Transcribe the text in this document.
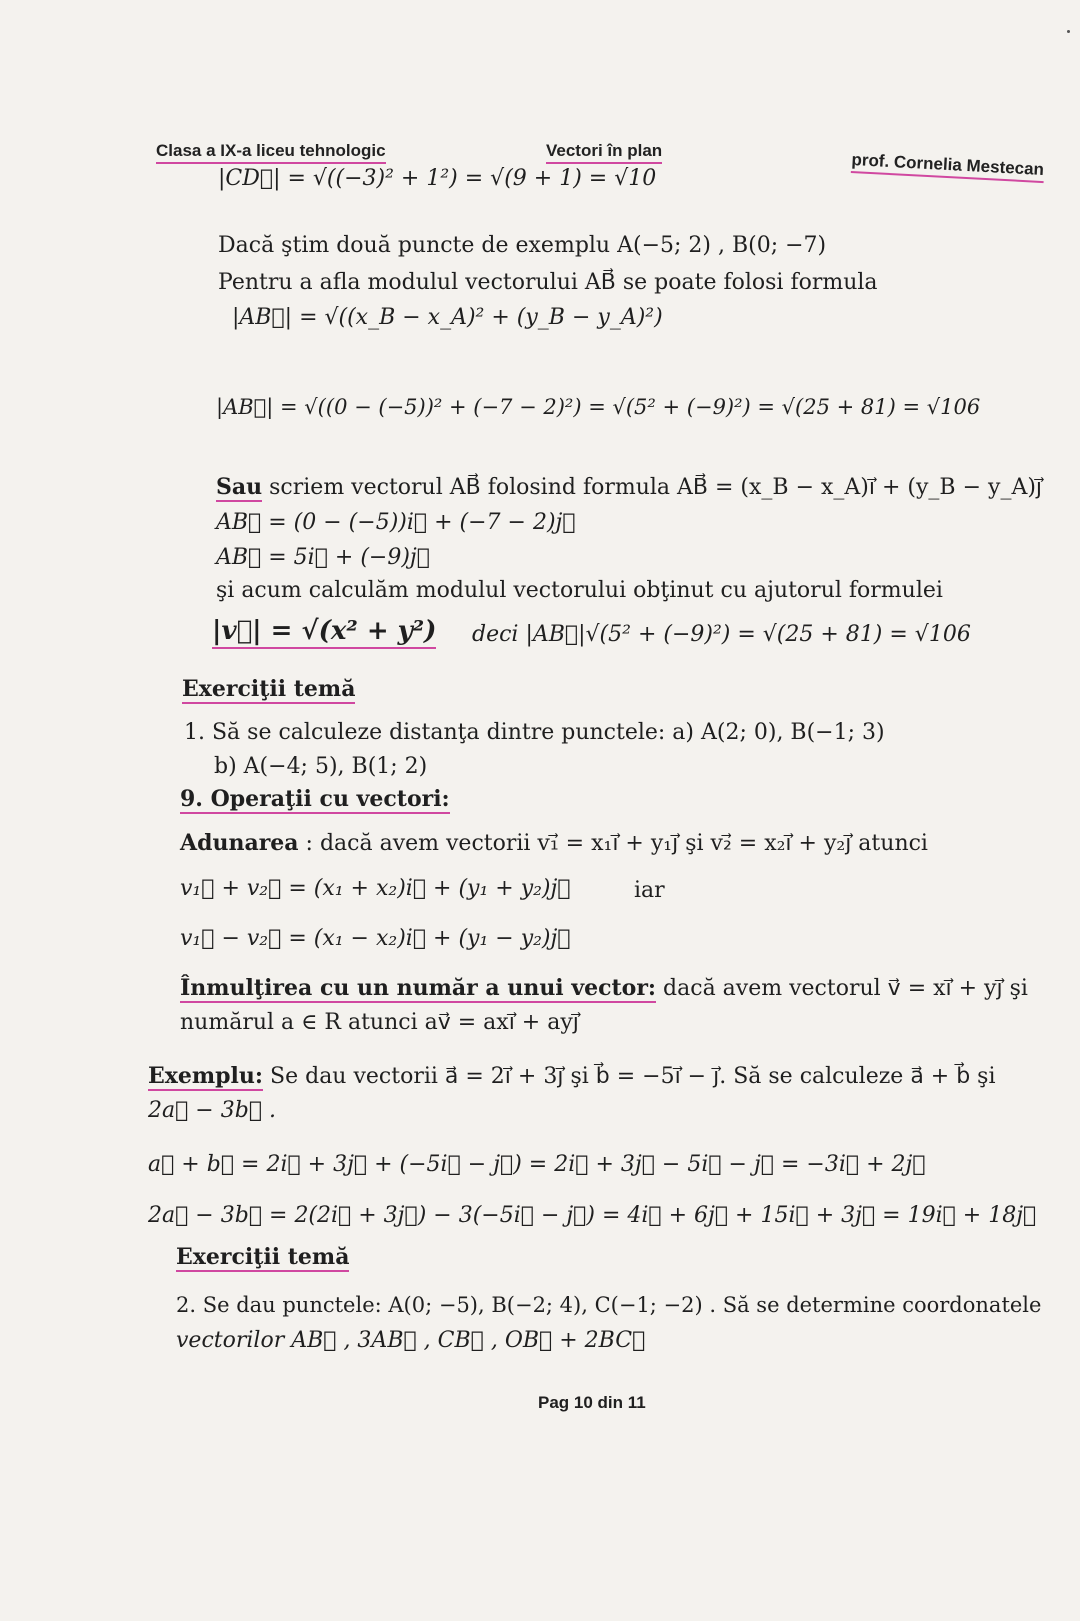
Clasa a IX-a liceu tehnologic	Vectori în plan	prof. Cornelia Mestecan
|CD⃗| = √((−3)² + 1²) = √(9 + 1) = √10
Dacă ştim două puncte de exemplu A(−5; 2) , B(0; −7)
Pentru a afla modulul vectorului AB⃗ se poate folosi formula
|AB⃗| = √((x_B − x_A)² + (y_B − y_A)²)
|AB⃗| = √((0 − (−5))² + (−7 − 2)²) = √(5² + (−9)²) = √(25 + 81) = √106
Sau scriem vectorul AB⃗ folosind formula AB⃗ = (x_B − x_A)i⃗ + (y_B − y_A)j⃗
AB⃗ = (0 − (−5))i⃗ + (−7 − 2)j⃗
AB⃗ = 5i⃗ + (−9)j⃗
şi acum calculăm modulul vectorului obţinut cu ajutorul formulei
|v⃗| = √(x² + y²) deci |AB⃗|√(5² + (−9)²) = √(25 + 81) = √106
Exerciţii temă
1. Să se calculeze distanţa dintre punctele: a) A(2; 0), B(−1; 3)
b) A(−4; 5), B(1; 2)
9. Operaţii cu vectori:
Adunarea : dacă avem vectorii v₁⃗ = x₁i⃗ + y₁j⃗ şi v₂⃗ = x₂i⃗ + y₂j⃗ atunci
v₁⃗ + v₂⃗ = (x₁ + x₂)i⃗ + (y₁ + y₂)j⃗	iar
v₁⃗ − v₂⃗ = (x₁ − x₂)i⃗ + (y₁ − y₂)j⃗
Înmulţirea cu un număr a unui vector: dacă avem vectorul v⃗ = xi⃗ + yj⃗ şi
numărul a ∈ R atunci av⃗ = axi⃗ + ayj⃗
Exemplu: Se dau vectorii a⃗ = 2i⃗ + 3j⃗ şi b⃗ = −5i⃗ − j⃗. Să se calculeze a⃗ + b⃗ şi
2a⃗ − 3b⃗ .
a⃗ + b⃗ = 2i⃗ + 3j⃗ + (−5i⃗ − j⃗) = 2i⃗ + 3j⃗ − 5i⃗ − j⃗ = −3i⃗ + 2j⃗
2a⃗ − 3b⃗ = 2(2i⃗ + 3j⃗) − 3(−5i⃗ − j⃗) = 4i⃗ + 6j⃗ + 15i⃗ + 3j⃗ = 19i⃗ + 18j⃗
Exerciţii temă
2. Se dau punctele: A(0; −5), B(−2; 4), C(−1; −2) . Să se determine coordonatele
vectorilor AB⃗ , 3AB⃗ , CB⃗ , OB⃗ + 2BC⃗
Pag 10 din 11
